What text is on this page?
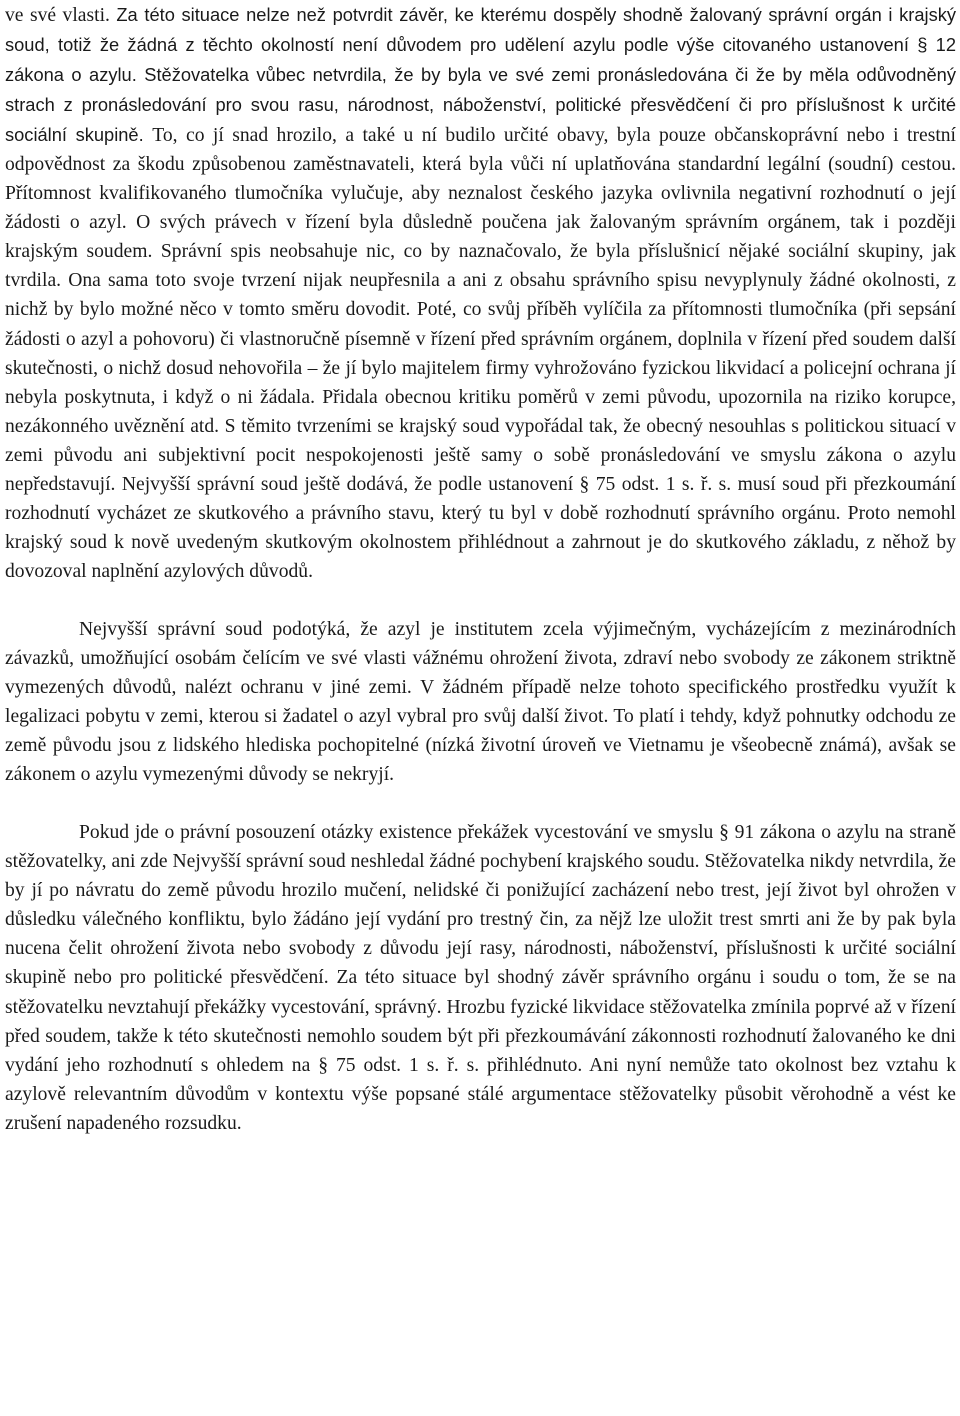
ve své vlasti. Za této situace nelze než potvrdit závěr, ke kterému dospěly shodně žalovaný správní orgán i krajský soud, totiž že žádná z těchto okolností není důvodem pro udělení azylu podle výše citovaného ustanovení § 12 zákona o azylu. Stěžovatelka vůbec netvrdila, že by byla ve své zemi pronásledována či že by měla odůvodněný strach z pronásledování pro svou rasu, národnost, náboženství, politické přesvědčení či pro příslušnost k určité sociální skupině. To, co jí snad hrozilo, a také u ní budilo určité obavy, byla pouze občanskoprávní nebo i trestní odpovědnost za škodu způsobenou zaměstnavateli, která byla vůči ní uplatňována standardní legální (soudní) cestou. Přítomnost kvalifikovaného tlumočníka vylučuje, aby neznalost českého jazyka ovlivnila negativní rozhodnutí o její žádosti o azyl. O svých právech v řízení byla důsledně poučena jak žalovaným správním orgánem, tak i později krajským soudem. Správní spis neobsahuje nic, co by naznačovalo, že byla příslušnicí nějaké sociální skupiny, jak tvrdila. Ona sama toto svoje tvrzení nijak neupřesnila a ani z obsahu správního spisu nevyplynuly žádné okolnosti, z nichž by bylo možné něco v tomto směru dovodit. Poté, co svůj příběh vylíčila za přítomnosti tlumočníka (při sepsání žádosti o azyl a pohovoru) či vlastnoručně písemně v řízení před správním orgánem, doplnila v řízení před soudem další skutečnosti, o nichž dosud nehovořila – že jí bylo majitelem firmy vyhrožováno fyzickou likvidací a policejní ochrana jí nebyla poskytnuta, i když o ni žádala. Přidala obecnou kritiku poměrů v zemi původu, upozornila na riziko korupce, nezákonného uvěznění atd. S těmito tvrzeními se krajský soud vypořádal tak, že obecný nesouhlas s politickou situací v zemi původu ani subjektivní pocit nespokojenosti ještě samy o sobě pronásledování ve smyslu zákona o azylu nepředstavují. Nejvyšší správní soud ještě dodává, že podle ustanovení § 75 odst. 1 s. ř. s. musí soud při přezkoumání rozhodnutí vycházet ze skutkového a právního stavu, který tu byl v době rozhodnutí správního orgánu. Proto nemohl krajský soud k nově uvedeným skutkovým okolnostem přihlédnout a zahrnout je do skutkového základu, z něhož by dovozoval naplnění azylových důvodů.

Nejvyšší správní soud podotýká, že azyl je institutem zcela výjimečným, vycházejícím z mezinárodních závazků, umožňující osobám čelícím ve své vlasti vážnému ohrožení života, zdraví nebo svobody ze zákonem striktně vymezených důvodů, nalézt ochranu v jiné zemi. V žádném případě nelze tohoto specifického prostředku využít k legalizaci pobytu v zemi, kterou si žadatel o azyl vybral pro svůj další život. To platí i tehdy, když pohnutky odchodu ze země původu jsou z lidského hlediska pochopitelné (nízká životní úroveň ve Vietnamu je všeobecně známá), avšak se zákonem o azylu vymezenými důvody se nekryjí.

Pokud jde o právní posouzení otázky existence překážek vycestování ve smyslu § 91 zákona o azylu na straně stěžovatelky, ani zde Nejvyšší správní soud neshledal žádné pochybení krajského soudu. Stěžovatelka nikdy netvrdila, že by jí po návratu do země původu hrozilo mučení, nelidské či ponižující zacházení nebo trest, její život byl ohrožen v důsledku válečného konfliktu, bylo žádáno její vydání pro trestný čin, za nějž lze uložit trest smrti ani že by pak byla nucena čelit ohrožení života nebo svobody z důvodu její rasy, národnosti, náboženství, příslušnosti k určité sociální skupině nebo pro politické přesvědčení. Za této situace byl shodný závěr správního orgánu i soudu o tom, že se na stěžovatelku nevztahují překážky vycestování, správný. Hrozbu fyzické likvidace stěžovatelka zmínila poprvé až v řízení před soudem, takže k této skutečnosti nemohlo soudem být při přezkoumávání zákonnosti rozhodnutí žalovaného ke dni vydání jeho rozhodnutí s ohledem na § 75 odst. 1 s. ř. s. přihlédnuto. Ani nyní nemůže tato okolnost bez vztahu k azylově relevantním důvodům v kontextu výše popsané stálé argumentace stěžovatelky působit věrohodně a vést ke zrušení napadeného rozsudku.
